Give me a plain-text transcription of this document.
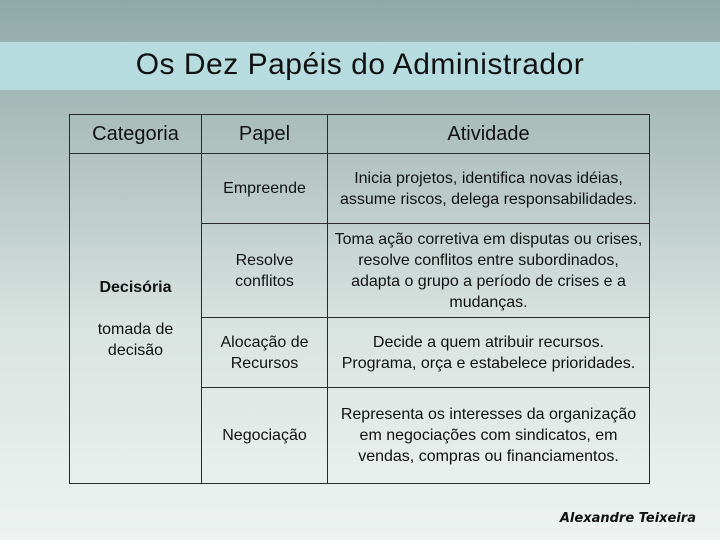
Os Dez Papéis do Administrador
Categoria	Papel	Atividade

Decisória
tomada de decisão	Empreende	Inicia projetos, identifica novas idéias, assume riscos, delega responsabilidades.
	Resolve conflitos	Toma ação corretiva em disputas ou crises, resolve conflitos entre subordinados, adapta o grupo a período de crises e a mudanças.
	Alocação de Recursos	Decide a quem atribuir recursos. Programa, orça e estabelece prioridades.
	Negociação	Representa os interesses da organização em negociações com sindicatos, em vendas, compras ou financiamentos.
Alexandre Teixeira
